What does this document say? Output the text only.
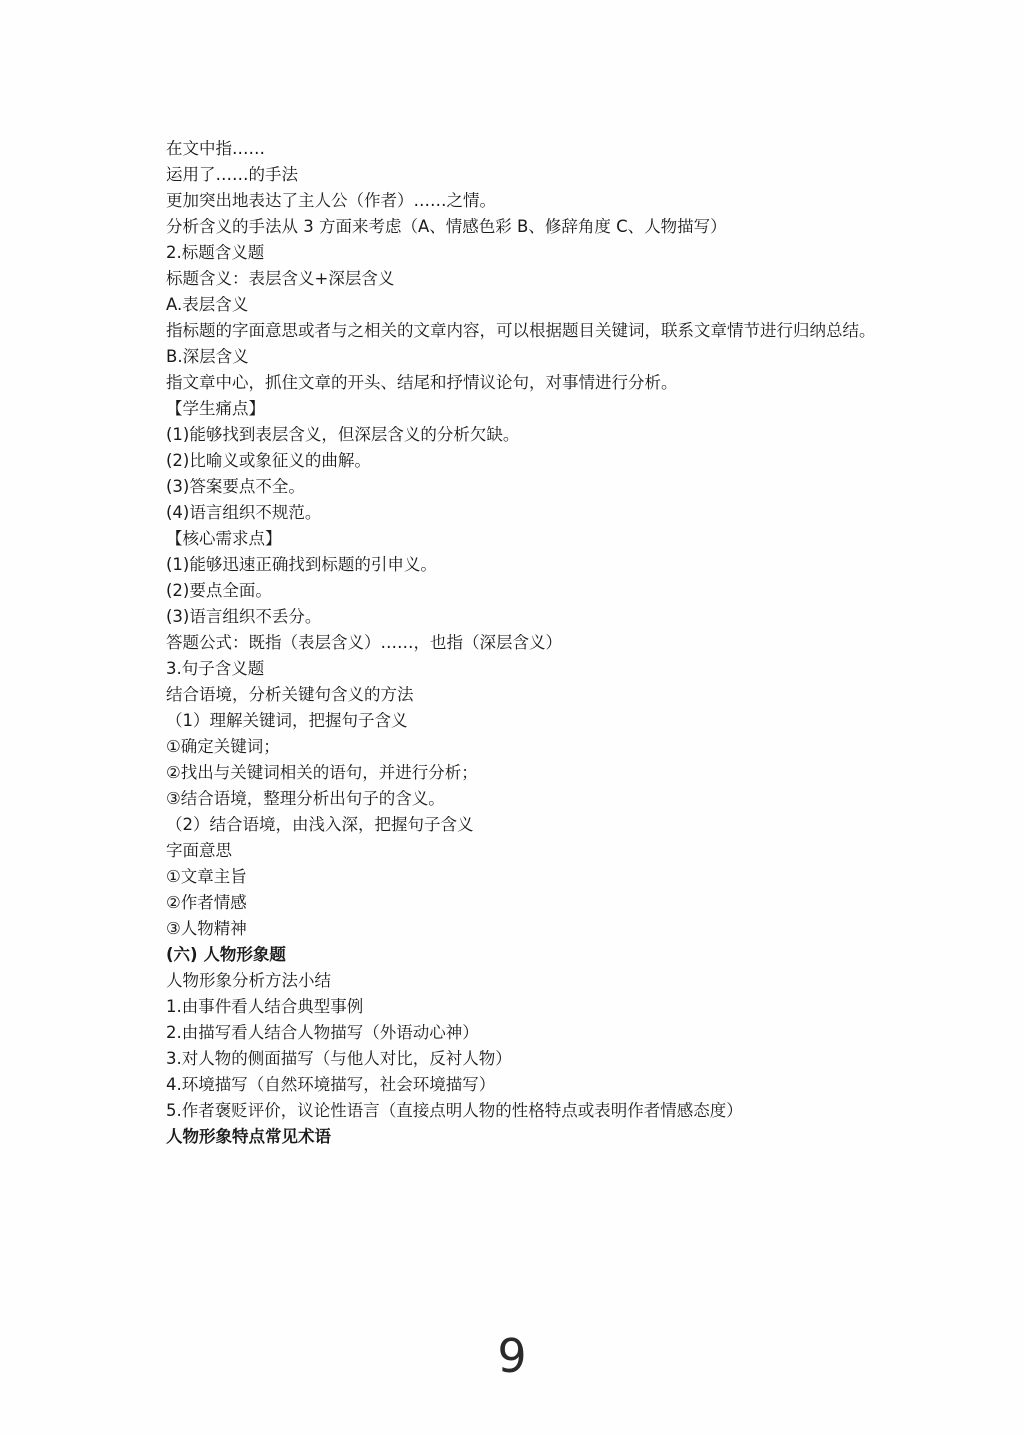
在文中指……
运用了……的手法
更加突出地表达了主人公（作者）……之情。
分析含义的手法从 3 方面来考虑（A、情感色彩 B、修辞角度 C、人物描写）
2.标题含义题
标题含义：表层含义+深层含义
A.表层含义
指标题的字面意思或者与之相关的文章内容，可以根据题目关键词，联系文章情节进行归纳总结。
B.深层含义
指文章中心，抓住文章的开头、结尾和抒情议论句，对事情进行分析。
【学生痛点】
(1)能够找到表层含义，但深层含义的分析欠缺。
(2)比喻义或象征义的曲解。
(3)答案要点不全。
(4)语言组织不规范。
【核心需求点】
(1)能够迅速正确找到标题的引申义。
(2)要点全面。
(3)语言组织不丢分。
答题公式：既指（表层含义）……，也指（深层含义）
3.句子含义题
结合语境，分析关键句含义的方法
（1）理解关键词，把握句子含义
①确定关键词；
②找出与关键词相关的语句，并进行分析；
③结合语境，整理分析出句子的含义。
（2）结合语境，由浅入深，把握句子含义
字面意思
①文章主旨
②作者情感
③人物精神
(六) 人物形象题
人物形象分析方法小结
1.由事件看人结合典型事例
2.由描写看人结合人物描写（外语动心神）
3.对人物的侧面描写（与他人对比，反衬人物）
4.环境描写（自然环境描写，社会环境描写）
5.作者褒贬评价，议论性语言（直接点明人物的性格特点或表明作者情感态度）
人物形象特点常见术语
9
